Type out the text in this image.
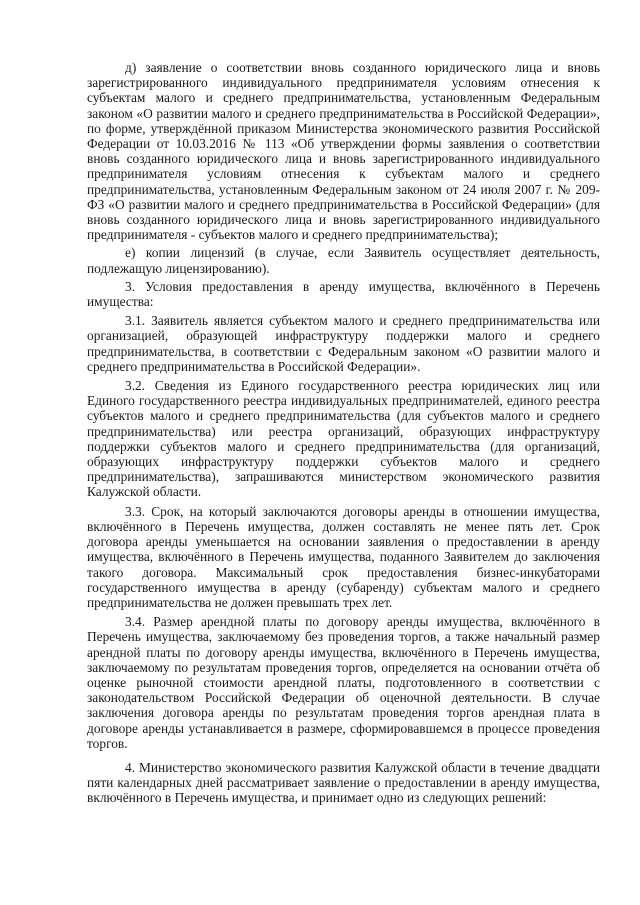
д) заявление о соответствии вновь созданного юридического лица и вновь зарегистрированного индивидуального предпринимателя условиям отнесения к субъектам малого и среднего предпринимательства, установленным Федеральным законом «О развитии малого и среднего предпринимательства в Российской Федерации», по форме, утверждённой приказом Министерства экономического развития Российской Федерации от 10.03.2016 № 113 «Об утверждении формы заявления о соответствии вновь созданного юридического лица и вновь зарегистрированного индивидуального предпринимателя условиям отнесения к субъектам малого и среднего предпринимательства, установленным Федеральным законом от 24 июля 2007 г. № 209-ФЗ «О развитии малого и среднего предпринимательства в Российской Федерации» (для вновь созданного юридического лица и вновь зарегистрированного индивидуального предпринимателя - субъектов малого и среднего предпринимательства);

е) копии лицензий (в случае, если Заявитель осуществляет деятельность, подлежащую лицензированию).

3. Условия предоставления в аренду имущества, включённого в Перечень имущества:

3.1. Заявитель является субъектом малого и среднего предпринимательства или организацией, образующей инфраструктуру поддержки малого и среднего предпринимательства, в соответствии с Федеральным законом «О развитии малого и среднего предпринимательства в Российской Федерации».

3.2. Сведения из Единого государственного реестра юридических лиц или Единого государственного реестра индивидуальных предпринимателей, единого реестра субъектов малого и среднего предпринимательства (для субъектов малого и среднего предпринимательства) или реестра организаций, образующих инфраструктуру поддержки субъектов малого и среднего предпринимательства (для организаций, образующих инфраструктуру поддержки субъектов малого и среднего предпринимательства), запрашиваются министерством экономического развития Калужской области.

3.3. Срок, на который заключаются договоры аренды в отношении имущества, включённого в Перечень имущества, должен составлять не менее пять лет. Срок договора аренды уменьшается на основании заявления о предоставлении в аренду имущества, включённого в Перечень имущества, поданного Заявителем до заключения такого договора. Максимальный срок предоставления бизнес-инкубаторами государственного имущества в аренду (субаренду) субъектам малого и среднего предпринимательства не должен превышать трех лет.

3.4. Размер арендной платы по договору аренды имущества, включённого в Перечень имущества, заключаемому без проведения торгов, а также начальный размер арендной платы по договору аренды имущества, включённого в Перечень имущества, заключаемому по результатам проведения торгов, определяется на основании отчёта об оценке рыночной стоимости арендной платы, подготовленного в соответствии с законодательством Российской Федерации об оценочной деятельности. В случае заключения договора аренды по результатам проведения торгов арендная плата в договоре аренды устанавливается в размере, сформировавшемся в процессе проведения торгов.

4. Министерство экономического развития Калужской области в течение двадцати пяти календарных дней рассматривает заявление о предоставлении в аренду имущества, включённого в Перечень имущества, и принимает одно из следующих решений:
